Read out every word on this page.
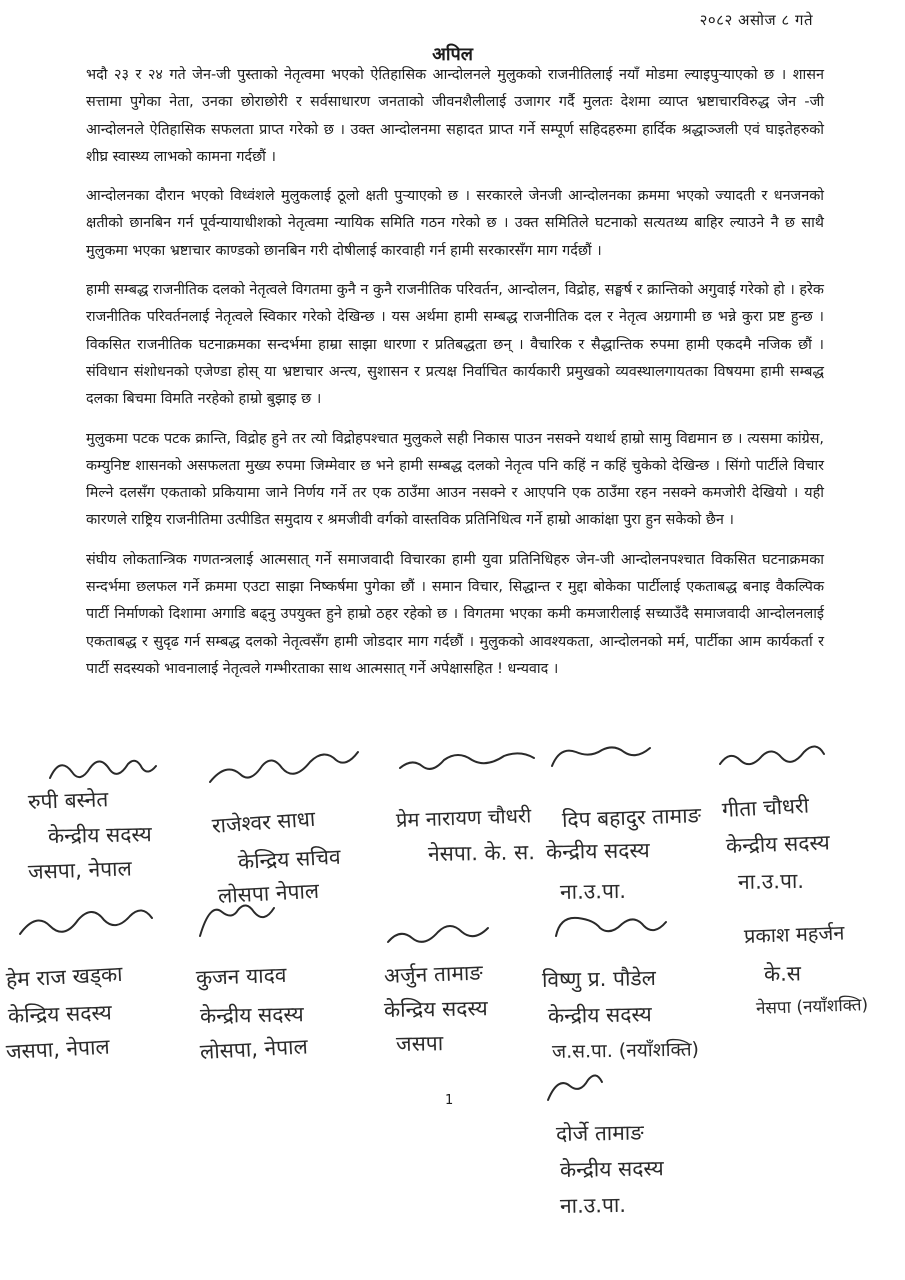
२०८२ असोज ८ गते
अपिल

भदौ २३ र २४ गते जेन-जी पुस्ताको नेतृत्वमा भएको ऐतिहासिक आन्दोलनले मुलुकको राजनीतिलाई नयाँ मोडमा ल्याइपुर्‍याएको छ । शासन सत्तामा पुगेका नेता, उनका छोराछोरी र सर्वसाधारण जनताको जीवनशैलीलाई उजागर गर्दै मुलतः देशमा व्याप्त भ्रष्टाचारविरुद्ध जेन -जी आन्दोलनले ऐतिहासिक सफलता प्राप्त गरेको छ । उक्त आन्दोलनमा सहादत प्राप्त गर्ने सम्पूर्ण सहिदहरुमा हार्दिक श्रद्धाञ्जली एवं घाइतेहरुको शीघ्र स्वास्थ्य लाभको कामना गर्दछौं ।

आन्दोलनका दौरान भएको विध्वंशले मुलुकलाई ठूलो क्षती पुर्‍याएको छ । सरकारले जेनजी आन्दोलनका क्रममा भएको ज्यादती र धनजनको क्षतीको छानबिन गर्न पूर्वन्यायाधीशको नेतृत्वमा न्यायिक समिति गठन गरेको छ । उक्त समितिले घटनाको सत्यतथ्य बाहिर ल्याउने नै छ साथै मुलुकमा भएका भ्रष्टाचार काण्डको छानबिन गरी दोषीलाई कारवाही गर्न हामी सरकारसँग माग गर्दछौं ।

हामी सम्बद्ध राजनीतिक दलको नेतृत्वले विगतमा कुनै न कुनै राजनीतिक परिवर्तन, आन्दोलन, विद्रोह, सङ्घर्ष र क्रान्तिको अगुवाई गरेको हो । हरेक राजनीतिक परिवर्तनलाई नेतृत्वले स्विकार गरेको देखिन्छ । यस अर्थमा हामी सम्बद्ध राजनीतिक दल र नेतृत्व अग्रगामी छ भन्ने कुरा प्रष्ट हुन्छ । विकसित राजनीतिक घटनाक्रमका सन्दर्भमा हाम्रा साझा धारणा र प्रतिबद्धता छन् । वैचारिक र सैद्धान्तिक रुपमा हामी एकदमै नजिक छौं । संविधान संशोधनको एजेण्डा होस् या भ्रष्टाचार अन्त्य, सुशासन र प्रत्यक्ष निर्वाचित कार्यकारी प्रमुखको व्यवस्थालगायतका विषयमा हामी सम्बद्ध दलका बिचमा विमति नरहेको हाम्रो बुझाइ छ ।

मुलुकमा पटक पटक क्रान्ति, विद्रोह हुने तर त्यो विद्रोहपश्चात मुलुकले सही निकास पाउन नसक्ने यथार्थ हाम्रो सामु विद्यमान छ । त्यसमा कांग्रेस, कम्युनिष्ट शासनको असफलता मुख्य रुपमा जिम्मेवार छ भने हामी सम्बद्ध दलको नेतृत्व पनि कहिं न कहिं चुकेको देखिन्छ । सिंगो पार्टीले विचार मिल्ने दलसँग एकताको प्रकियामा जाने निर्णय गर्ने तर एक ठाउँमा आउन नसक्ने र आएपनि एक ठाउँमा रहन नसक्ने कमजोरी देखियो । यही कारणले राष्ट्रिय राजनीतिमा उत्पीडित समुदाय र श्रमजीवी वर्गको वास्तविक प्रतिनिधित्व गर्ने हाम्रो आकांक्षा पुरा हुन सकेको छैन ।

संघीय लोकतान्त्रिक गणतन्त्रलाई आत्मसात् गर्ने समाजवादी विचारका हामी युवा प्रतिनिधिहरु जेन-जी आन्दोलनपश्चात विकसित घटनाक्रमका सन्दर्भमा छलफल गर्ने क्रममा एउटा साझा निष्कर्षमा पुगेका छौं । समान विचार, सिद्धान्त र मुद्दा बोकेका पार्टीलाई एकताबद्ध बनाइ वैकल्पिक पार्टी निर्माणको दिशामा अगाडि बढ्नु उपयुक्त हुने हाम्रो ठहर रहेको छ । विगतमा भएका कमी कमजारीलाई सच्याउँदै समाजवादी आन्दोलनलाई एकताबद्ध र सुदृढ गर्न सम्बद्ध दलको नेतृत्वसँग हामी जोडदार माग गर्दछौं । मुलुकको आवश्यकता, आन्दोलनको मर्म, पार्टीका आम कार्यकर्ता र पार्टी सदस्यको भावनालाई नेतृत्वले गम्भीरताका साथ आत्मसात् गर्ने अपेक्षासहित ! धन्यवाद ।

रुपी बस्नेत
केन्द्रीय सदस्य
जसपा, नेपाल
राजेश्वर साधा
केन्द्रिय सचिव
लोसपा नेपाल
प्रेम नारायण चौधरी
नेसपा. के. स.
दिप बहादुर तामाङ
केन्द्रीय सदस्य
ना.उ.पा.
गीता चौधरी
केन्द्रीय सदस्य
ना.उ.पा.
हेम राज खड्का
केन्द्रिय सदस्य
जसपा, नेपाल
कुजन यादव
केन्द्रीय सदस्य
लोसपा, नेपाल
अर्जुन तामाङ
केन्द्रिय सदस्य
जसपा
विष्णु प्र. पौडेल
केन्द्रीय सदस्य
ज.स.पा. (नयाँशक्ति)
प्रकाश महर्जन
के.स
नेसपा (नयाँशक्ति)
दोर्जे तामाङ
केन्द्रीय सदस्य
ना.उ.पा.
1
